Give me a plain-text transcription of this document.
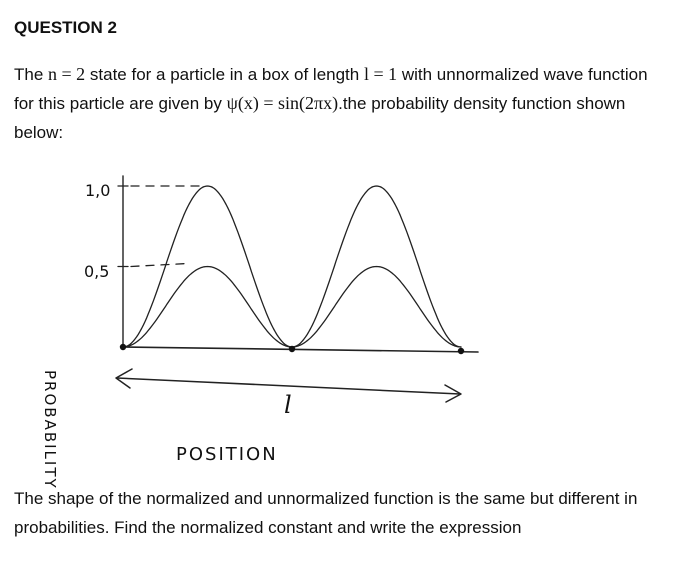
QUESTION 2
The n = 2 state for a particle in a box of length l = 1 with unnormalized wave function for this particle are given by ψ(x) = sin(2πx).the probability density function shown below:
PROBABILITY
1,0
0,5
l
POSITION
The shape of the normalized and unnormalized function is the same but different in probabilities. Find the normalized constant and write the expression
